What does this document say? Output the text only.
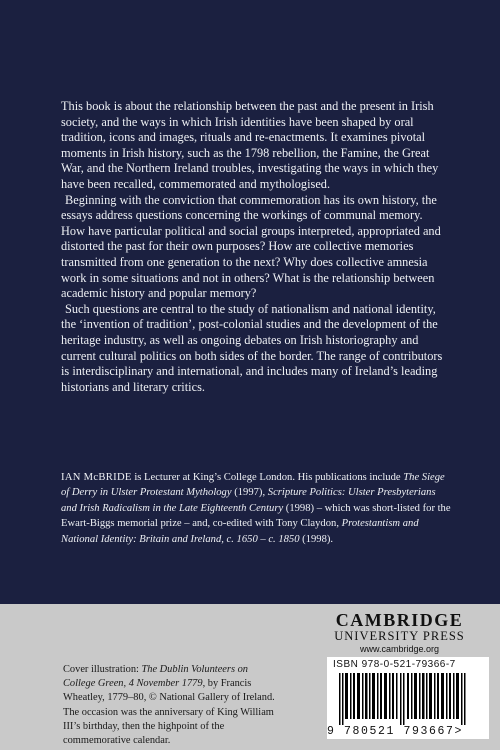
This book is about the relationship between the past and the present in Irish society, and the ways in which Irish identities have been shaped by oral tradition, icons and images, rituals and re-enactments. It examines pivotal moments in Irish history, such as the 1798 rebellion, the Famine, the Great War, and the Northern Ireland troubles, investigating the ways in which they have been recalled, commemorated and mythologised.

Beginning with the conviction that commemoration has its own history, the essays address questions concerning the workings of communal memory. How have particular political and social groups interpreted, appropriated and distorted the past for their own purposes? How are collective memories transmitted from one generation to the next? Why does collective amnesia work in some situations and not in others? What is the relationship between academic history and popular memory?

Such questions are central to the study of nationalism and national identity, the ‘invention of tradition’, post-colonial studies and the development of the heritage industry, as well as ongoing debates on Irish historiography and current cultural politics on both sides of the border. The range of contributors is interdisciplinary and international, and includes many of Ireland’s leading historians and literary critics.

IAN McBRIDE is Lecturer at King’s College London. His publications include The Siege of Derry in Ulster Protestant Mythology (1997), Scripture Politics: Ulster Presbyterians and Irish Radicalism in the Late Eighteenth Century (1998) – which was short-listed for the Ewart-Biggs memorial prize – and, co-edited with Tony Claydon, Protestantism and National Identity: Britain and Ireland, c. 1650 – c. 1850 (1998).

Cover illustration: The Dublin Volunteers on College Green, 4 November 1779, by Francis Wheatley, 1779–80, © National Gallery of Ireland. The occasion was the anniversary of King William III’s birthday, then the highpoint of the commemorative calendar.

CAMBRIDGE
UNIVERSITY PRESS
www.cambridge.org
ISBN 978-0-521-79366-7
9 780521 793667>
